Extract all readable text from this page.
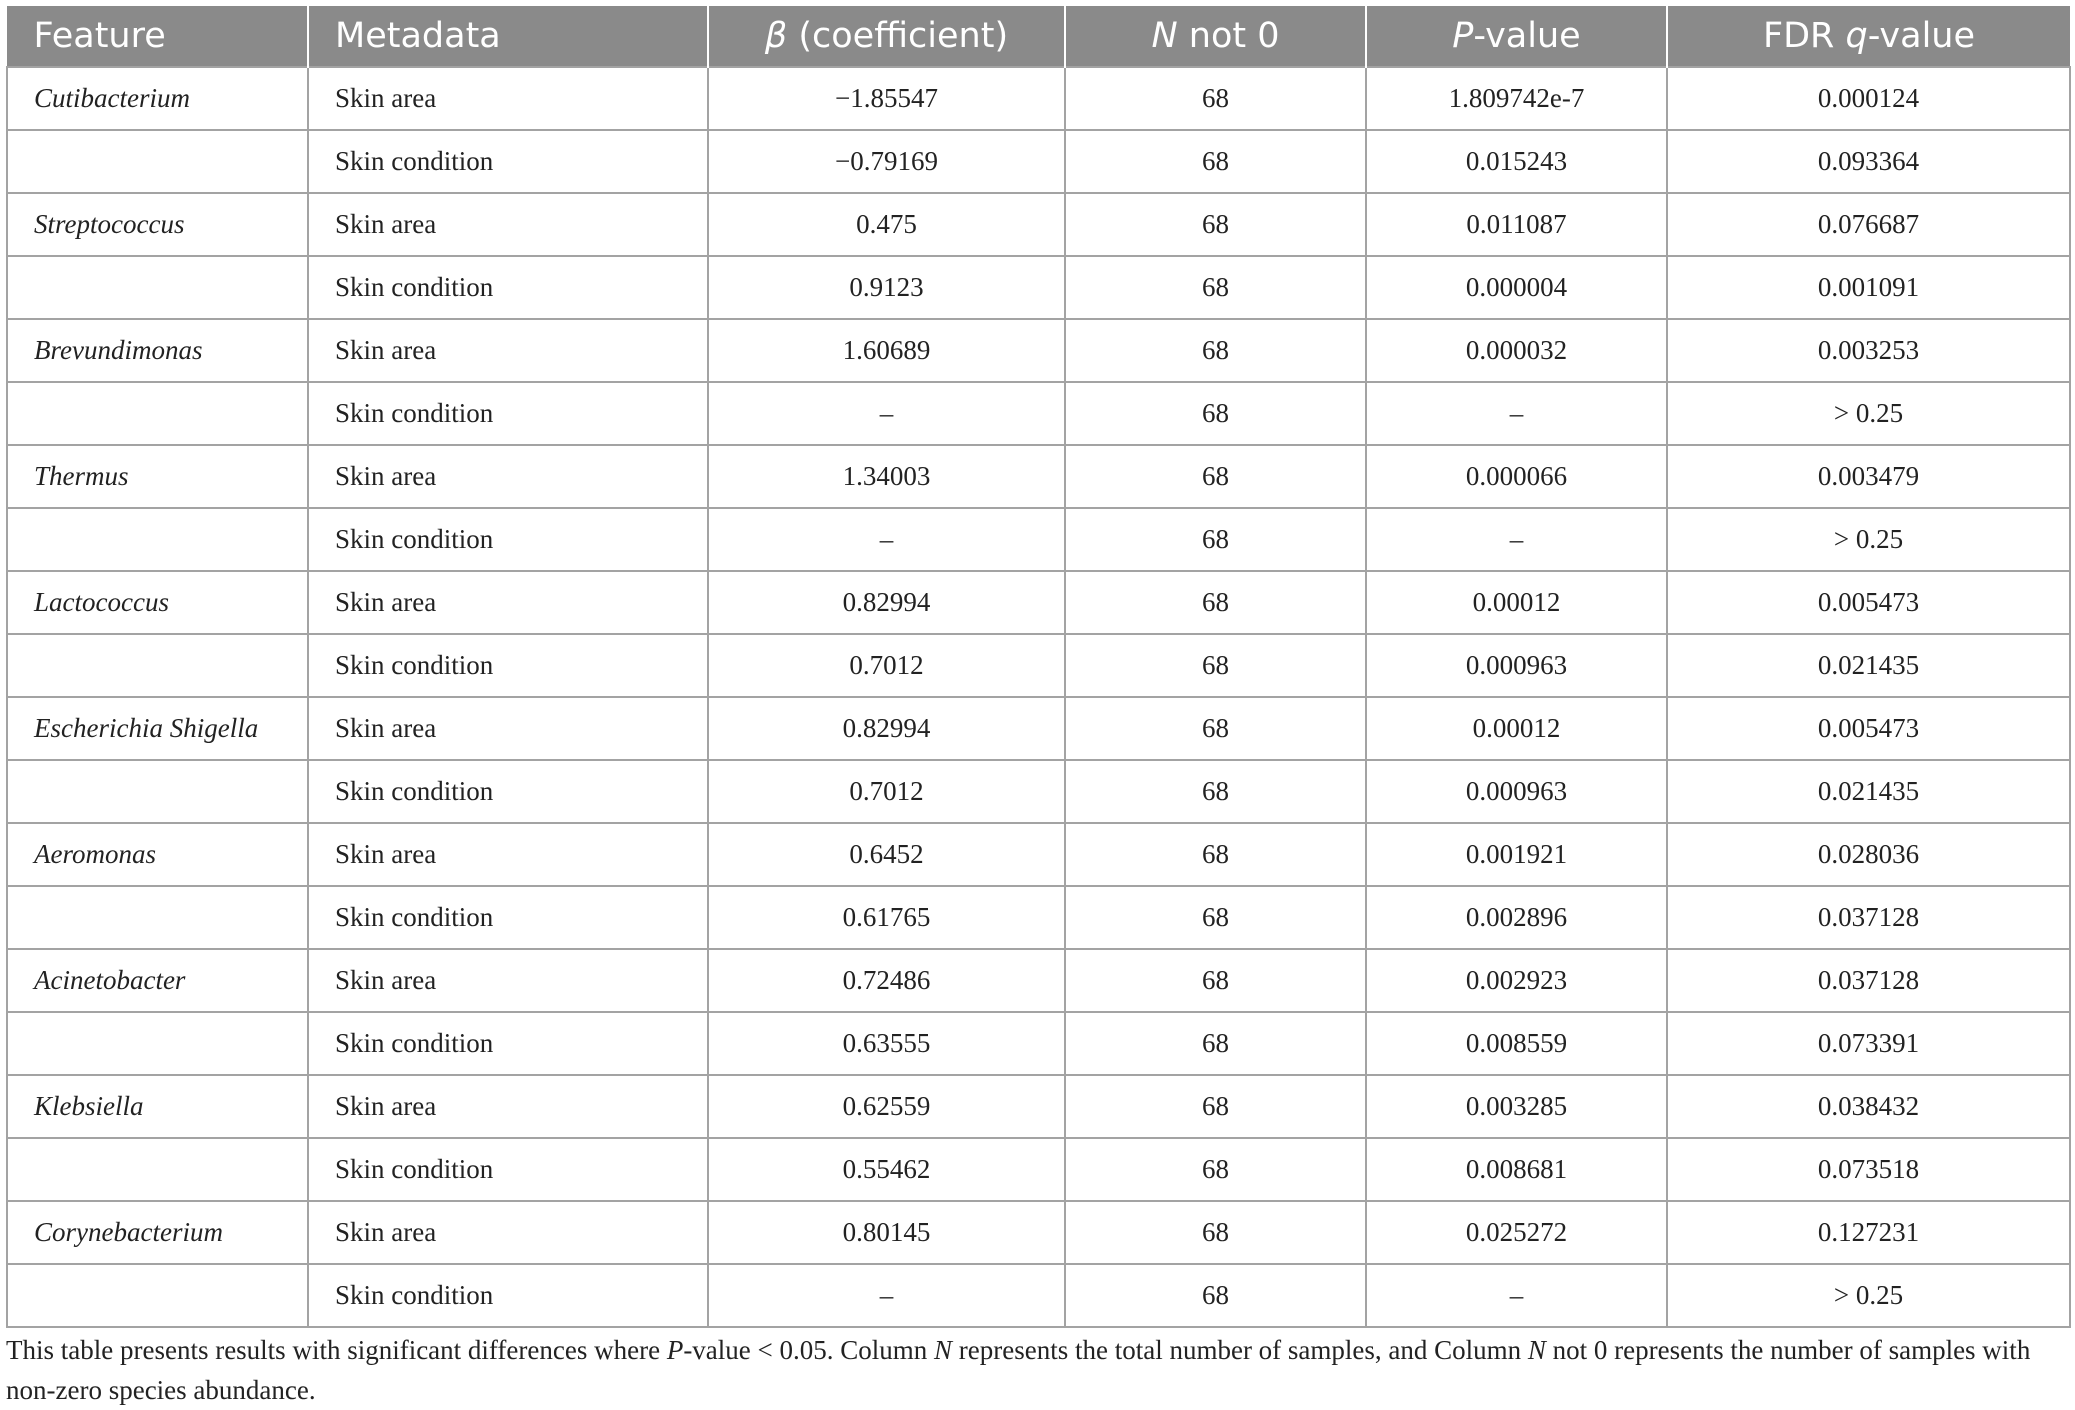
Feature	Metadata	β (coefficient)	N not 0	P-value	FDR q-value
Cutibacterium	Skin area	−1.85547	68	1.809742e-7	0.000124
	Skin condition	−0.79169	68	0.015243	0.093364
Streptococcus	Skin area	0.475	68	0.011087	0.076687
	Skin condition	0.9123	68	0.000004	0.001091
Brevundimonas	Skin area	1.60689	68	0.000032	0.003253
	Skin condition	–	68	–	> 0.25
Thermus	Skin area	1.34003	68	0.000066	0.003479
	Skin condition	–	68	–	> 0.25
Lactococcus	Skin area	0.82994	68	0.00012	0.005473
	Skin condition	0.7012	68	0.000963	0.021435
Escherichia Shigella	Skin area	0.82994	68	0.00012	0.005473
	Skin condition	0.7012	68	0.000963	0.021435
Aeromonas	Skin area	0.6452	68	0.001921	0.028036
	Skin condition	0.61765	68	0.002896	0.037128
Acinetobacter	Skin area	0.72486	68	0.002923	0.037128
	Skin condition	0.63555	68	0.008559	0.073391
Klebsiella	Skin area	0.62559	68	0.003285	0.038432
	Skin condition	0.55462	68	0.008681	0.073518
Corynebacterium	Skin area	0.80145	68	0.025272	0.127231
	Skin condition	–	68	–	> 0.25
This table presents results with significant differences where P-value < 0.05. Column N represents the total number of samples, and Column N not 0 represents the number of samples with
non-zero species abundance.
